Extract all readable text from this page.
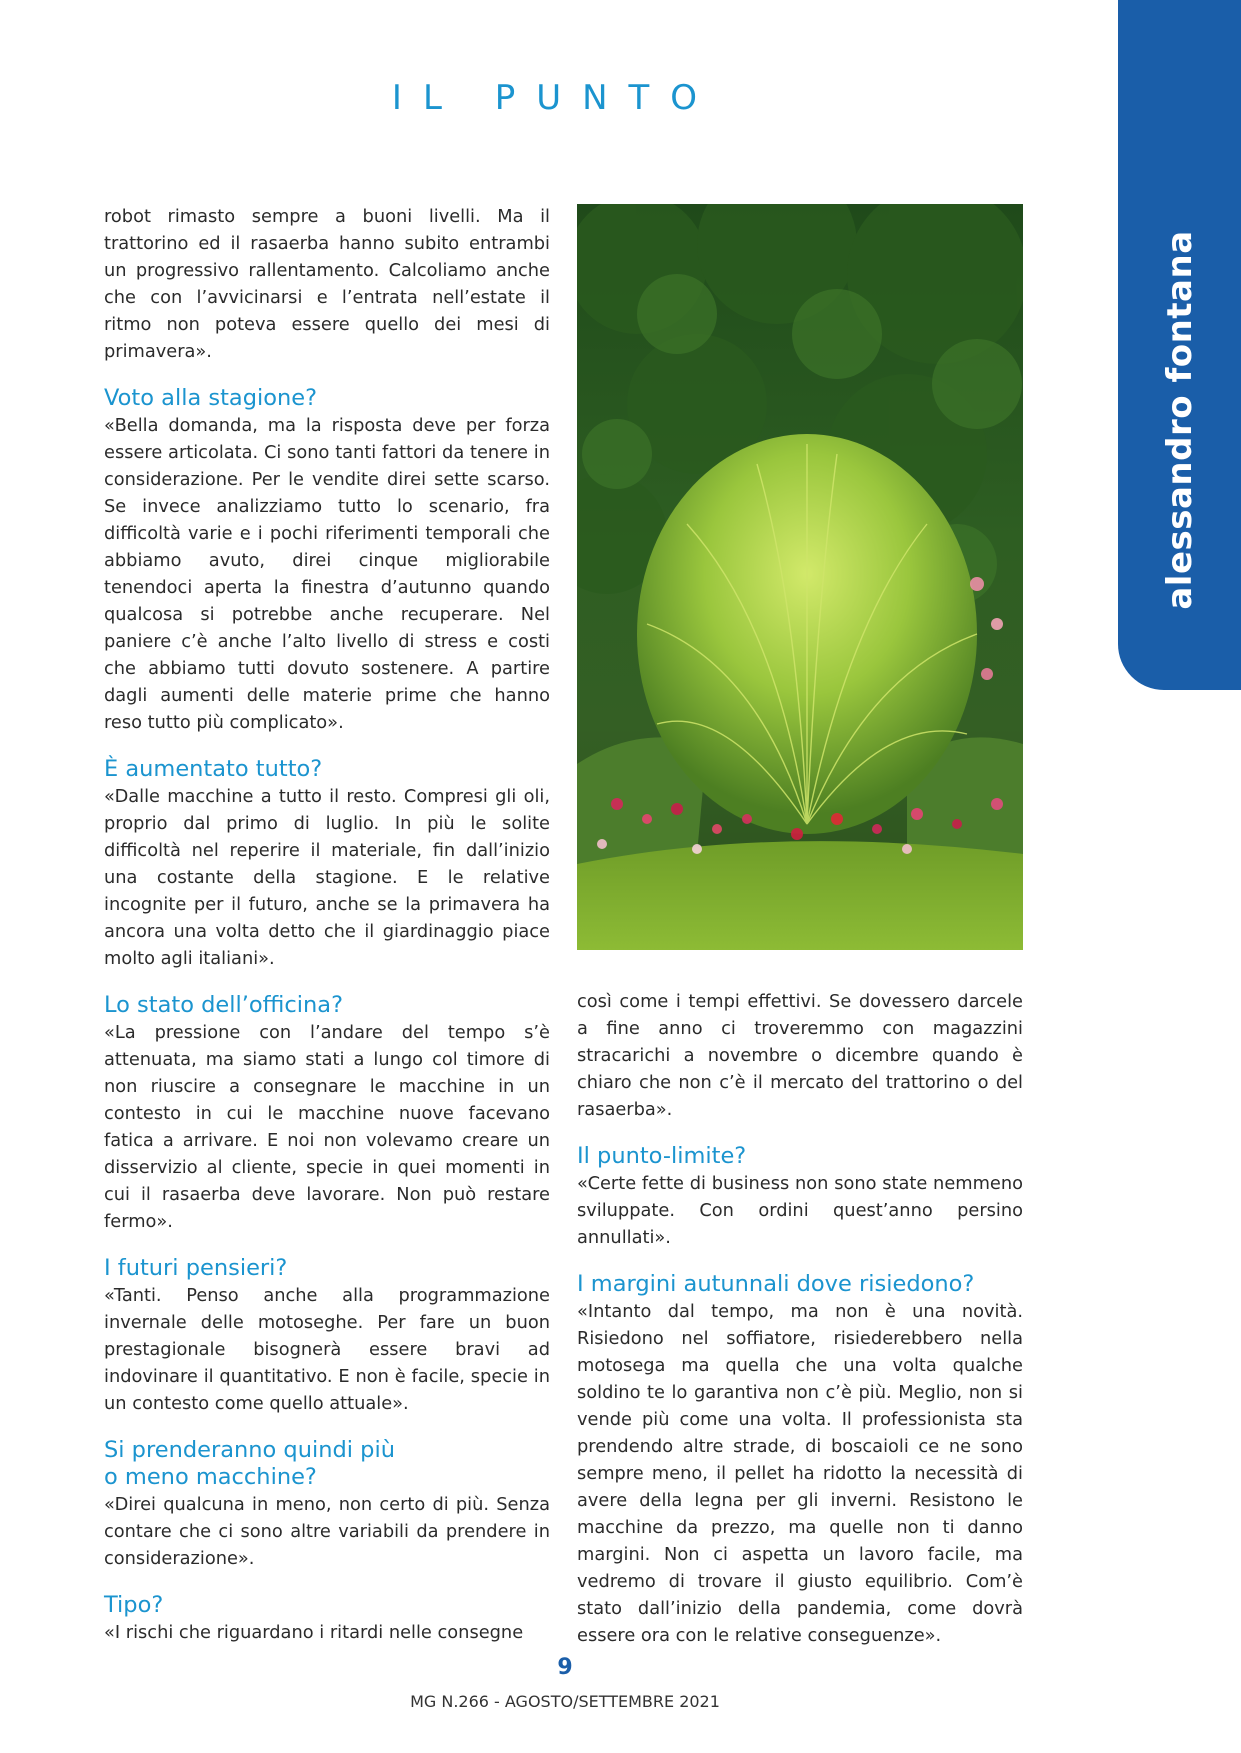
IL PUNTO
alessandro fontana

robot rimasto sempre a buoni livelli. Ma il trattorino ed il rasaerba hanno subito entrambi un progressivo rallentamento. Calcoliamo anche che con l’avvicinarsi e l’entrata nell’estate il ritmo non poteva essere quello dei mesi di primavera».

Voto alla stagione?

«Bella domanda, ma la risposta deve per forza essere articolata. Ci sono tanti fattori da tenere in considerazione. Per le vendite direi sette scarso. Se invece analizziamo tutto lo scenario, fra difficoltà varie e i pochi riferimenti temporali che abbiamo avuto, direi cinque migliorabile tenendoci aperta la finestra d’autunno quando qualcosa si potrebbe anche recuperare. Nel paniere c’è anche l’alto livello di stress e costi che abbiamo tutti dovuto sostenere. A partire dagli aumenti delle materie prime che hanno reso tutto più complicato».

È aumentato tutto?

«Dalle macchine a tutto il resto. Compresi gli oli, proprio dal primo di luglio. In più le solite difficoltà nel reperire il materiale, fin dall’inizio una costante della stagione. E le relative incognite per il futuro, anche se la primavera ha ancora una volta detto che il giardinaggio piace molto agli italiani».

Lo stato dell’officina?

«La pressione con l’andare del tempo s’è attenuata, ma siamo stati a lungo col timore di non riuscire a consegnare le macchine in un contesto in cui le macchine nuove facevano fatica a arrivare. E noi non volevamo creare un disservizio al cliente, specie in quei momenti in cui il rasaerba deve lavorare. Non può restare fermo».

I futuri pensieri?

«Tanti. Penso anche alla programmazione invernale delle motoseghe. Per fare un buon prestagionale bisognerà essere bravi ad indovinare il quantitativo. E non è facile, specie in un contesto come quello attuale».

Si prenderanno quindi più
o meno macchine?

«Direi qualcuna in meno, non certo di più. Senza contare che ci sono altre variabili da prendere in considerazione».

Tipo?

«I rischi che riguardano i ritardi nelle consegne

così come i tempi effettivi. Se dovessero darcele a fine anno ci troveremmo con magazzini stracarichi a novembre o dicembre quando è chiaro che non c’è il mercato del trattorino o del rasaerba».

Il punto-limite?

«Certe fette di business non sono state nemmeno sviluppate. Con ordini quest’anno persino annullati».

I margini autunnali dove risiedono?

«Intanto dal tempo, ma non è una novità. Risiedono nel soffiatore, risiederebbero nella motosega ma quella che una volta qualche soldino te lo garantiva non c’è più. Meglio, non si vende più come una volta. Il professionista sta prendendo altre strade, di boscaioli ce ne sono sempre meno, il pellet ha ridotto la necessità di avere della legna per gli inverni. Resistono le macchine da prezzo, ma quelle non ti danno margini. Non ci aspetta un lavoro facile, ma vedremo di trovare il giusto equilibrio. Com’è stato dall’inizio della pandemia, come dovrà essere ora con le relative conseguenze».

9
MG N.266 - AGOSTO/SETTEMBRE 2021
